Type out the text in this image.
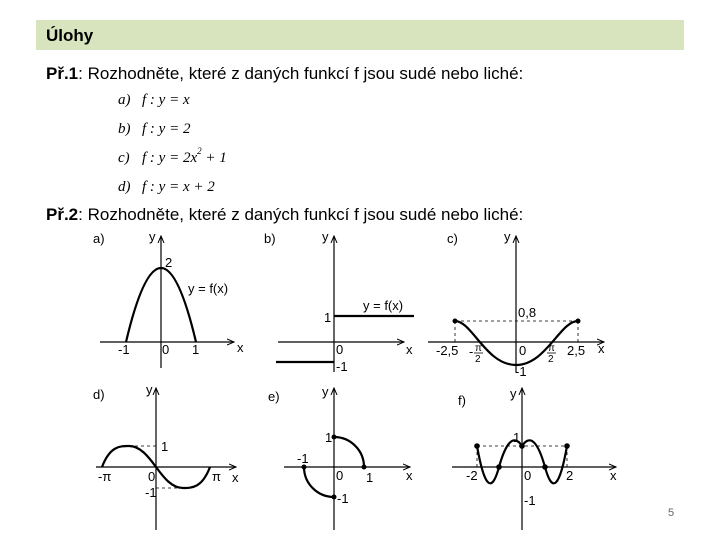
Úlohy
Př.1: Rozhodněte, které z daných funkcí f jsou sudé nebo liché:
a) f : y = x
b) f : y = 2
c) f : $y = 2x^2 + 1$
d) f : y = x + 2
Př.2: Rozhodněte, které z daných funkcí f jsou sudé nebo liché:
a)	y
x
y = f(x)
2
-1 0 1
b)	y
x
y = f(x)
1
0
-1
c)	y
x
0,8
-2,5	0	2,5
-1
- π
2
π
2
d)	y
x
1
-π	0	π
-1
e)	y
x
1
-1
0 1
-1
f)	y
x
1
-2	0	2
-1
5
